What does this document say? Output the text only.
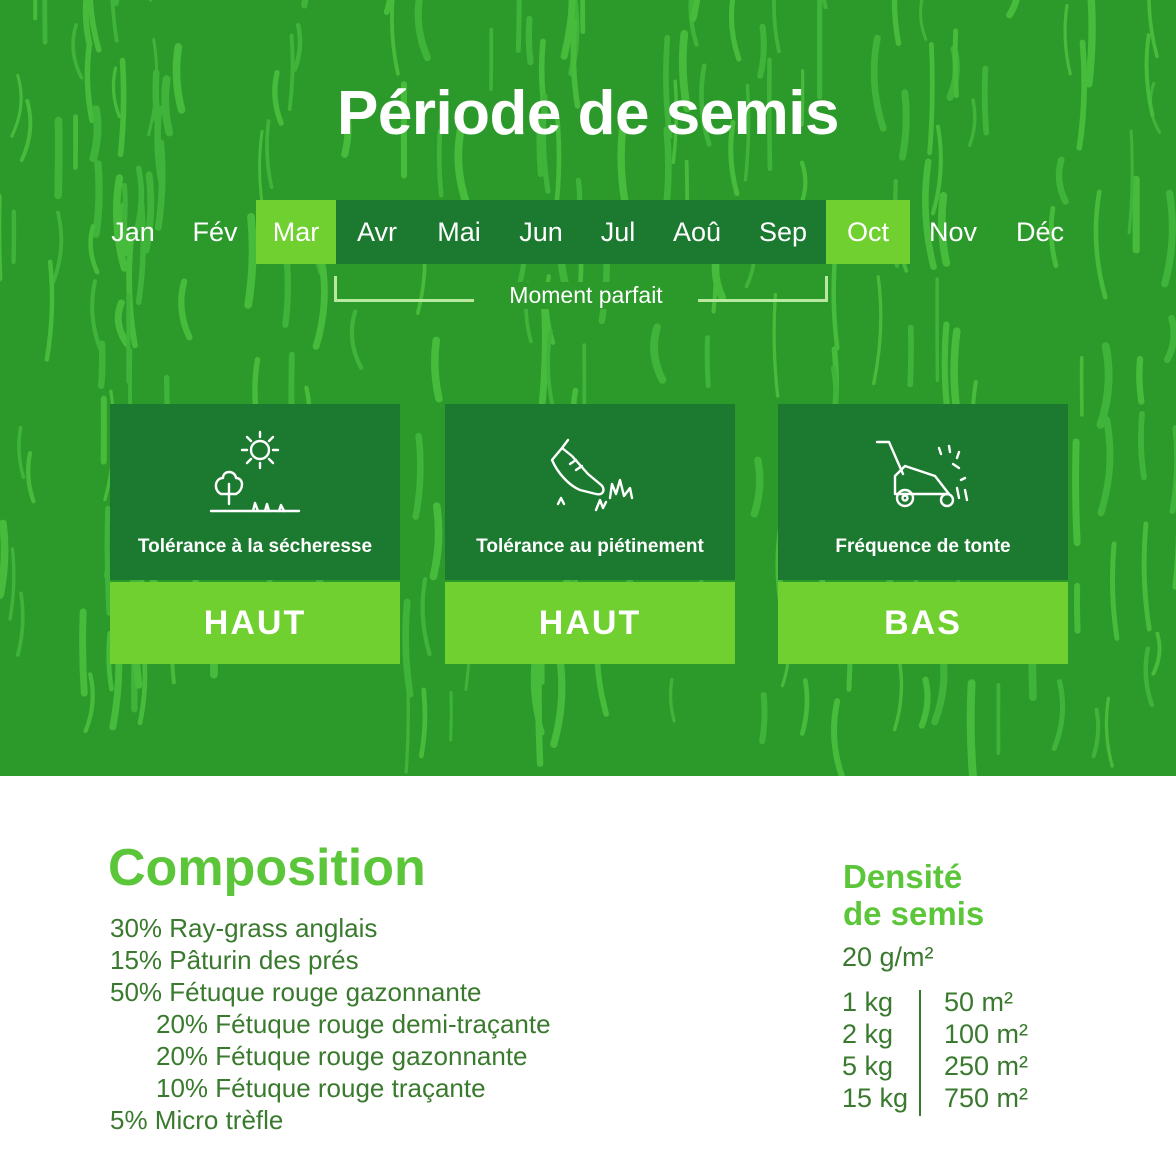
Période de semis
Jan	Fév	Mar	Avr	Mai	Jun	Jul	Aoû	Sep	Oct	Nov	Déc
Moment parfait
Tolérance à la sécheresse
HAUT
Tolérance au piétinement
HAUT
Fréquence de tonte
BAS
Composition
30% Ray-grass anglais
15% Pâturin des prés
50% Fétuque rouge gazonnante
20% Fétuque rouge demi-traçante
20% Fétuque rouge gazonnante
10% Fétuque rouge traçante
5% Micro trèfle
Densité
de semis
20 g/m²
1 kg 50 m²
2 kg 100 m²
5 kg 250 m²
15 kg 750 m²
